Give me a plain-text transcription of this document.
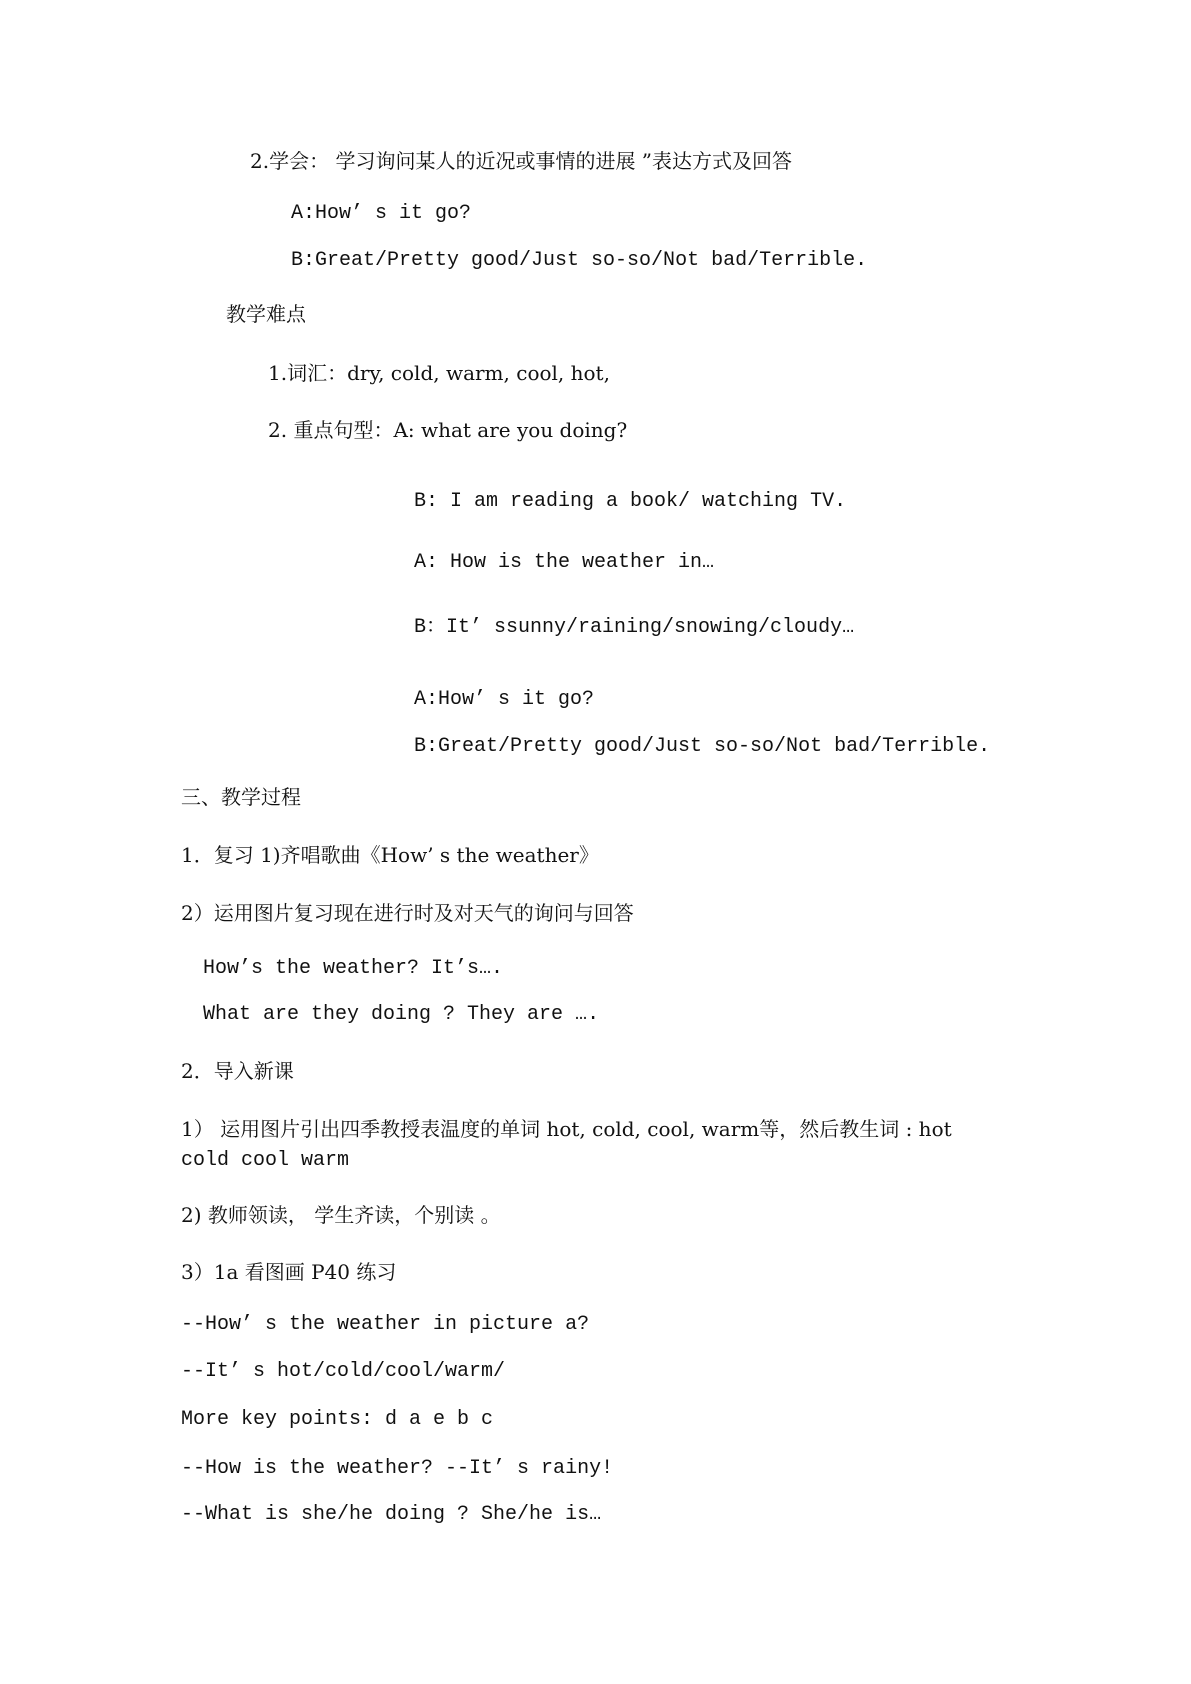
2.学会： 学习询问某人的近况或事情的进展 ”表达方式及回答
A:How’ s it go?
B:Great/Pretty good/Just so-so/Not bad/Terrible.
教学难点
1.词汇：dry, cold, warm, cool, hot,
2. 重点句型：A: what are you doing?
B: I am reading a book/ watching TV.
A: How is the weather in…
B：It’ ssunny/raining/snowing/cloudy…
A:How’ s it go?
B:Great/Pretty good/Just so-so/Not bad/Terrible.
三、教学过程
1．复习 1)齐唱歌曲《How’ s the weather》
2）运用图片复习现在进行时及对天气的询问与回答
How’s the weather? It’s….
What are they doing ? They are ….
2．导入新课
1） 运用图片引出四季教授表温度的单词 hot, cold, cool, warm等，然后教生词 : hot
cold cool warm
2) 教师领读， 学生齐读，个别读 。
3）1a 看图画 P40 练习
--How’ s the weather in picture a?
--It’ s hot/cold/cool/warm/
More key points: d a e b c
--How is the weather? --It’ s rainy!
--What is she/he doing ? She/he is…
